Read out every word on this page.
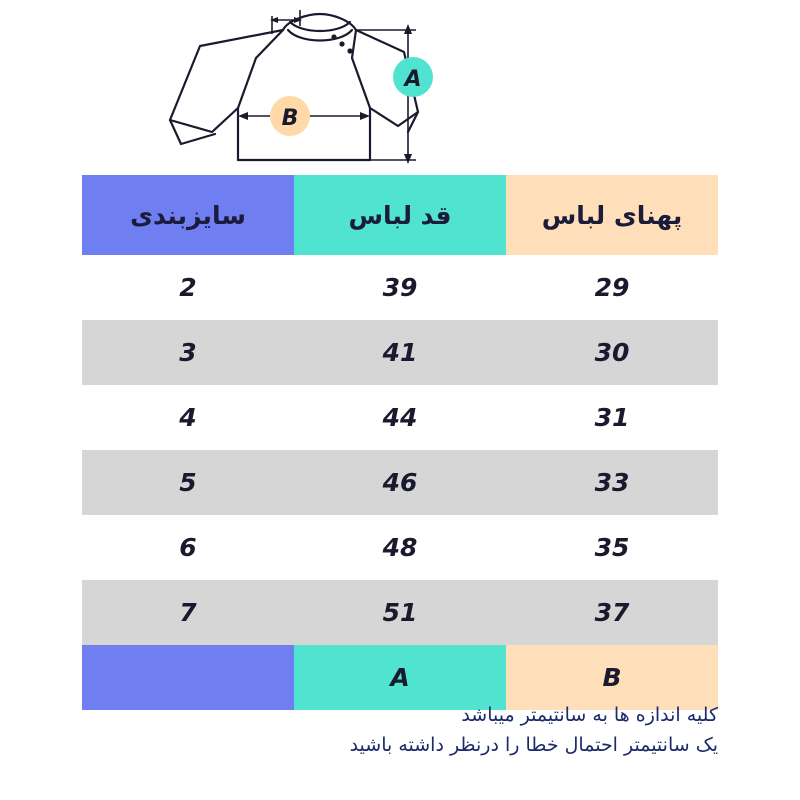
A
B
پهنای لباس	قد لباس	سایزبندی
29	39	2
30	41	3
31	44	4
33	46	5
35	48	6
37	51	7
B	A	
کلیه اندازه ها به سانتیمتر میباشد
یک سانتیمتر احتمال خطا را درنظر داشته باشید
